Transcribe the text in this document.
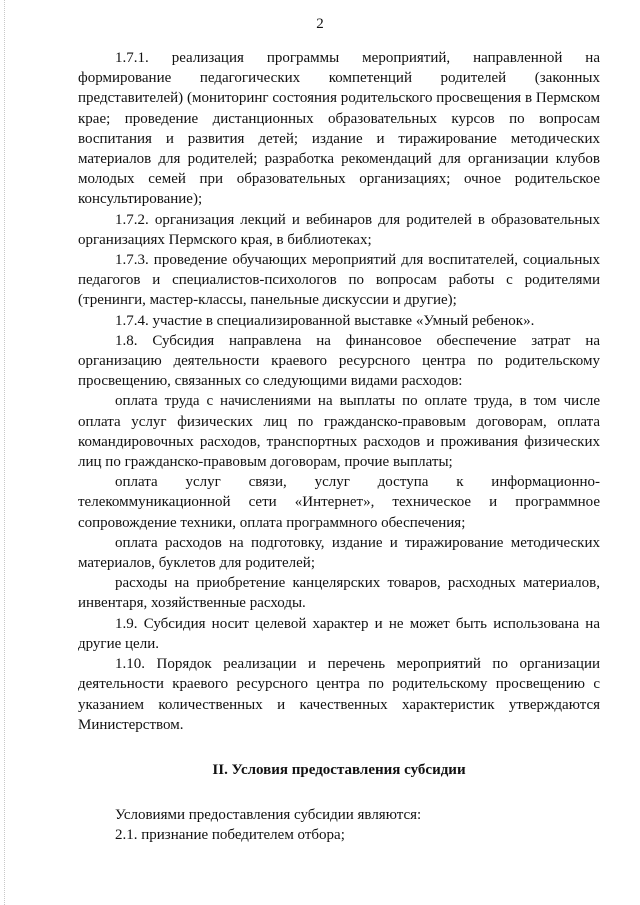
2

1.7.1. реализация программы мероприятий, направленной на формирование педагогических компетенций родителей (законных представителей) (мониторинг состояния родительского просвещения в Пермском крае; проведение дистанционных образовательных курсов по вопросам воспитания и развития детей; издание и тиражирование методических материалов для родителей; разработка рекомендаций для организации клубов молодых семей при образовательных организациях; очное родительское консультирование);

1.7.2. организация лекций и вебинаров для родителей в образовательных организациях Пермского края, в библиотеках;

1.7.3. проведение обучающих мероприятий для воспитателей, социальных педагогов и специалистов-психологов по вопросам работы с родителями (тренинги, мастер-классы, панельные дискуссии и другие);

1.7.4. участие в специализированной выставке «Умный ребенок».

1.8. Субсидия направлена на финансовое обеспечение затрат на организацию деятельности краевого ресурсного центра по родительскому просвещению, связанных со следующими видами расходов:

оплата труда с начислениями на выплаты по оплате труда, в том числе оплата услуг физических лиц по гражданско-правовым договорам, оплата командировочных расходов, транспортных расходов и проживания физических лиц по гражданско-правовым договорам, прочие выплаты;

оплата услуг связи, услуг доступа к информационно-телекоммуникационной сети «Интернет», техническое и программное сопровождение техники, оплата программного обеспечения;

оплата расходов на подготовку, издание и тиражирование методических материалов, буклетов для родителей;

расходы на приобретение канцелярских товаров, расходных материалов, инвентаря, хозяйственные расходы.

1.9. Субсидия носит целевой характер и не может быть использована на другие цели.

1.10. Порядок реализации и перечень мероприятий по организации деятельности краевого ресурсного центра по родительскому просвещению с указанием количественных и качественных характеристик утверждаются Министерством.

II. Условия предоставления субсидии

Условиями предоставления субсидии являются:

2.1. признание победителем отбора;
